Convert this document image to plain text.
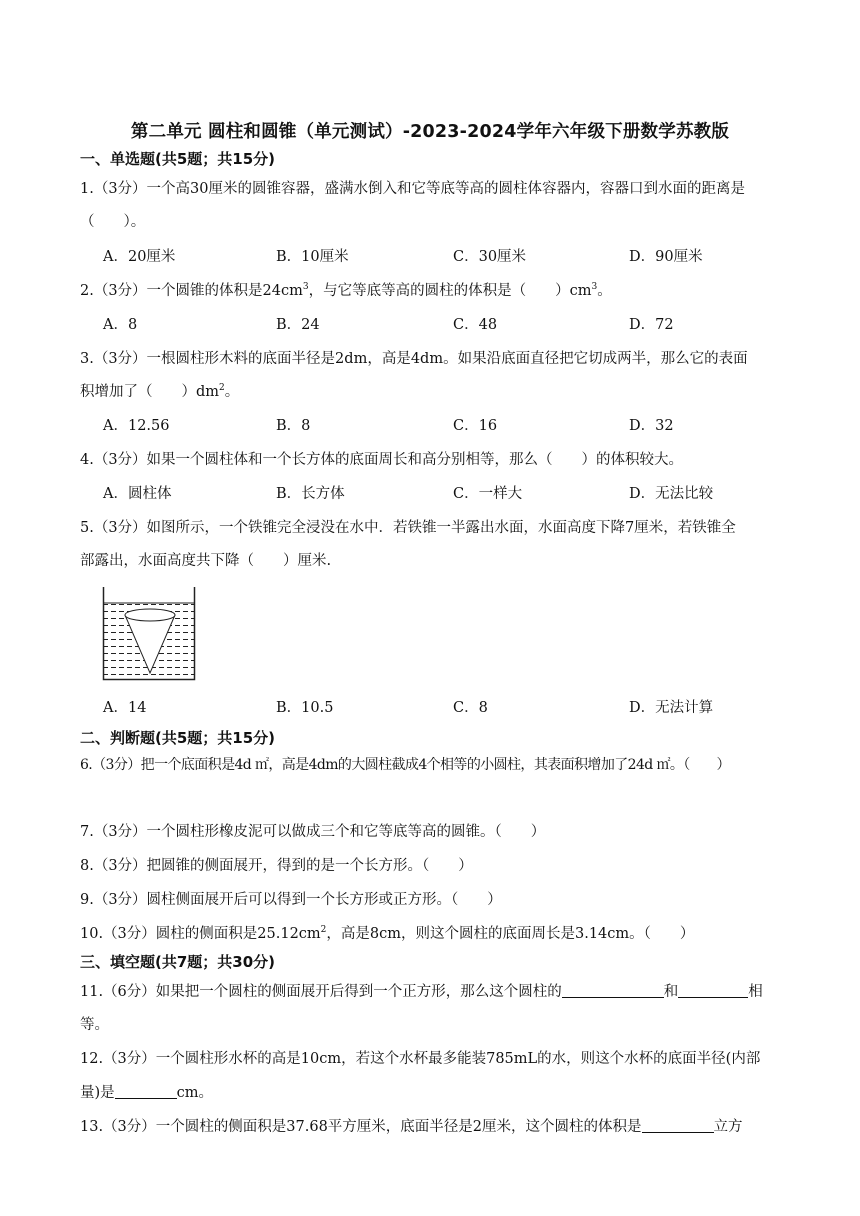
第二单元 圆柱和圆锥（单元测试）-2023-2024学年六年级下册数学苏教版
一、单选题(共5题；共15分)
1.（3分）一个高30厘米的圆锥容器，盛满水倒入和它等底等高的圆柱体容器内，容器口到水面的距离是
（　　）。
A．20厘米	B．10厘米	C．30厘米	D．90厘米
2.（3分）一个圆锥的体积是$24cm^3$，与它等底等高的圆柱的体积是（　　）$cm^3$。
A．8	B．24	C．48	D．72
3.（3分）一根圆柱形木料的底面半径是2dm，高是4dm。如果沿底面直径把它切成两半，那么它的表面
积增加了（　　）$dm^2$。
A．12.56	B．8	C．16	D．32
4.（3分）如果一个圆柱体和一个长方体的底面周长和高分别相等，那么（　　）的体积较大。
A．圆柱体	B．长方体	C．一样大	D．无法比较
5.（3分）如图所示，一个铁锥完全浸没在水中．若铁锥一半露出水面，水面高度下降7厘米，若铁锥全
部露出，水面高度共下降（　　）厘米.
A．14	B．10.5	C．8	D．无法计算
二、判断题(共5题；共15分)
6.（3分）把一个底面积是4d ㎡，高是4dm的大圆柱截成4个相等的小圆柱，其表面积增加了24d ㎡。（　　）
7.（3分）一个圆柱形橡皮泥可以做成三个和它等底等高的圆锥。（　　）
8.（3分）把圆锥的侧面展开，得到的是一个长方形。（　　）
9.（3分）圆柱侧面展开后可以得到一个长方形或正方形。（　　）
10.（3分）圆柱的侧面积是$25.12cm^2$，高是8cm，则这个圆柱的底面周长是3.14cm。（　　）
三、填空题(共7题；共30分)
11.（6分）如果把一个圆柱的侧面展开后得到一个正方形，那么这个圆柱的	和	相
等。
12.（3分）一个圆柱形水杯的高是10cm，若这个水杯最多能装785mL的水，则这个水杯的底面半径(内部
量)是	cm。
13.（3分）一个圆柱的侧面积是37.68平方厘米，底面半径是2厘米，这个圆柱的体积是	立方
